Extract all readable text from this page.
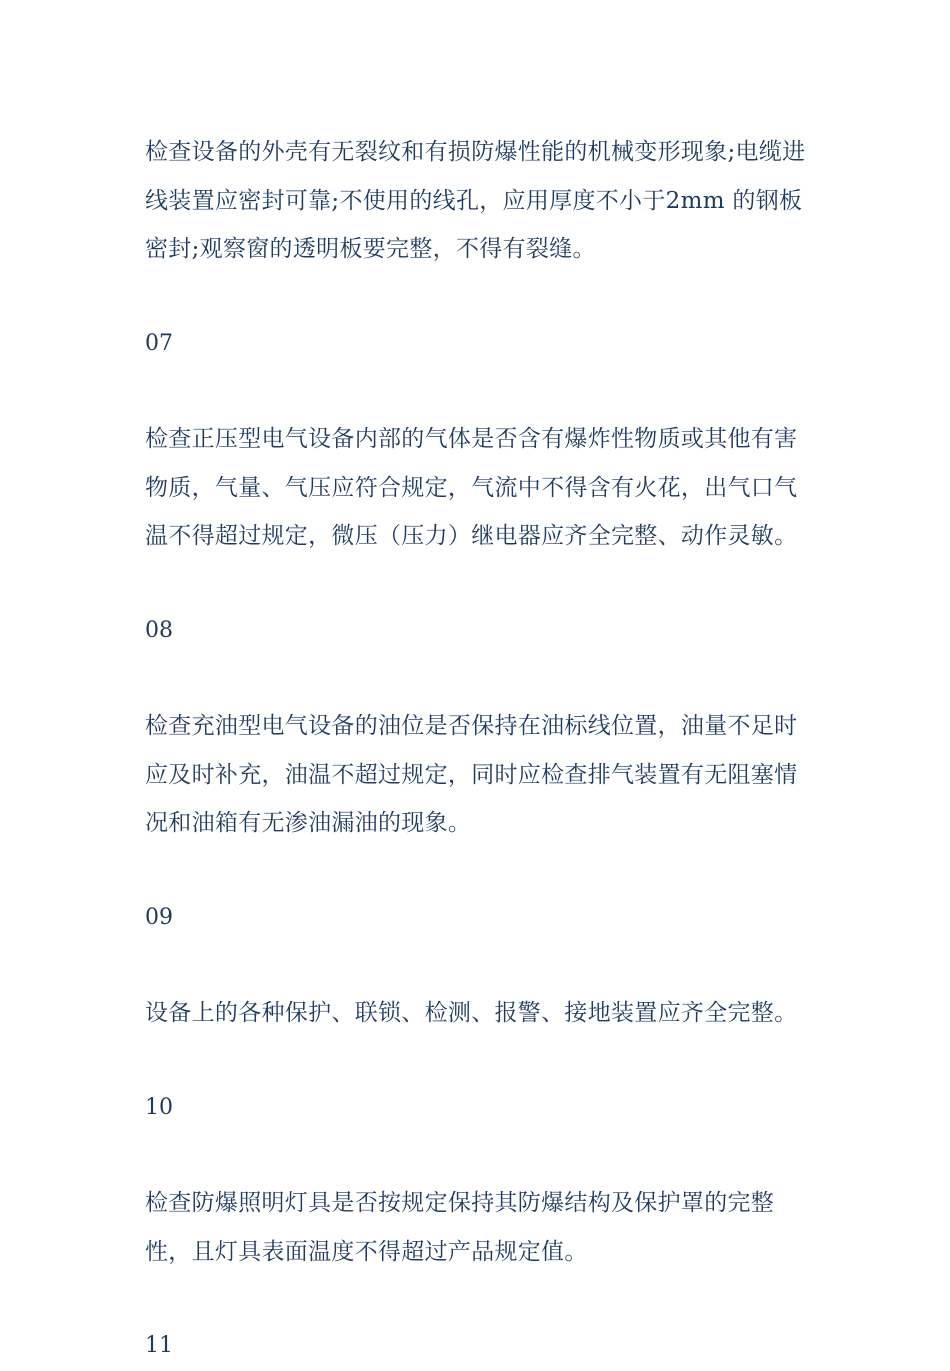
检查设备的外壳有无裂纹和有损防爆性能的机械变形现象;电缆进线装置应密封可靠;不使用的线孔，应用厚度不小于2mm 的钢板密封;观察窗的透明板要完整，不得有裂缝。

07

检查正压型电气设备内部的气体是否含有爆炸性物质或其他有害物质，气量、气压应符合规定，气流中不得含有火花，出气口气温不得超过规定，微压（压力）继电器应齐全完整、动作灵敏。

08

检查充油型电气设备的油位是否保持在油标线位置，油量不足时应及时补充，油温不超过规定，同时应检查排气装置有无阻塞情况和油箱有无渗油漏油的现象。

09

设备上的各种保护、联锁、检测、报警、接地装置应齐全完整。

10

检查防爆照明灯具是否按规定保持其防爆结构及保护罩的完整性，且灯具表面温度不得超过产品规定值。

11
